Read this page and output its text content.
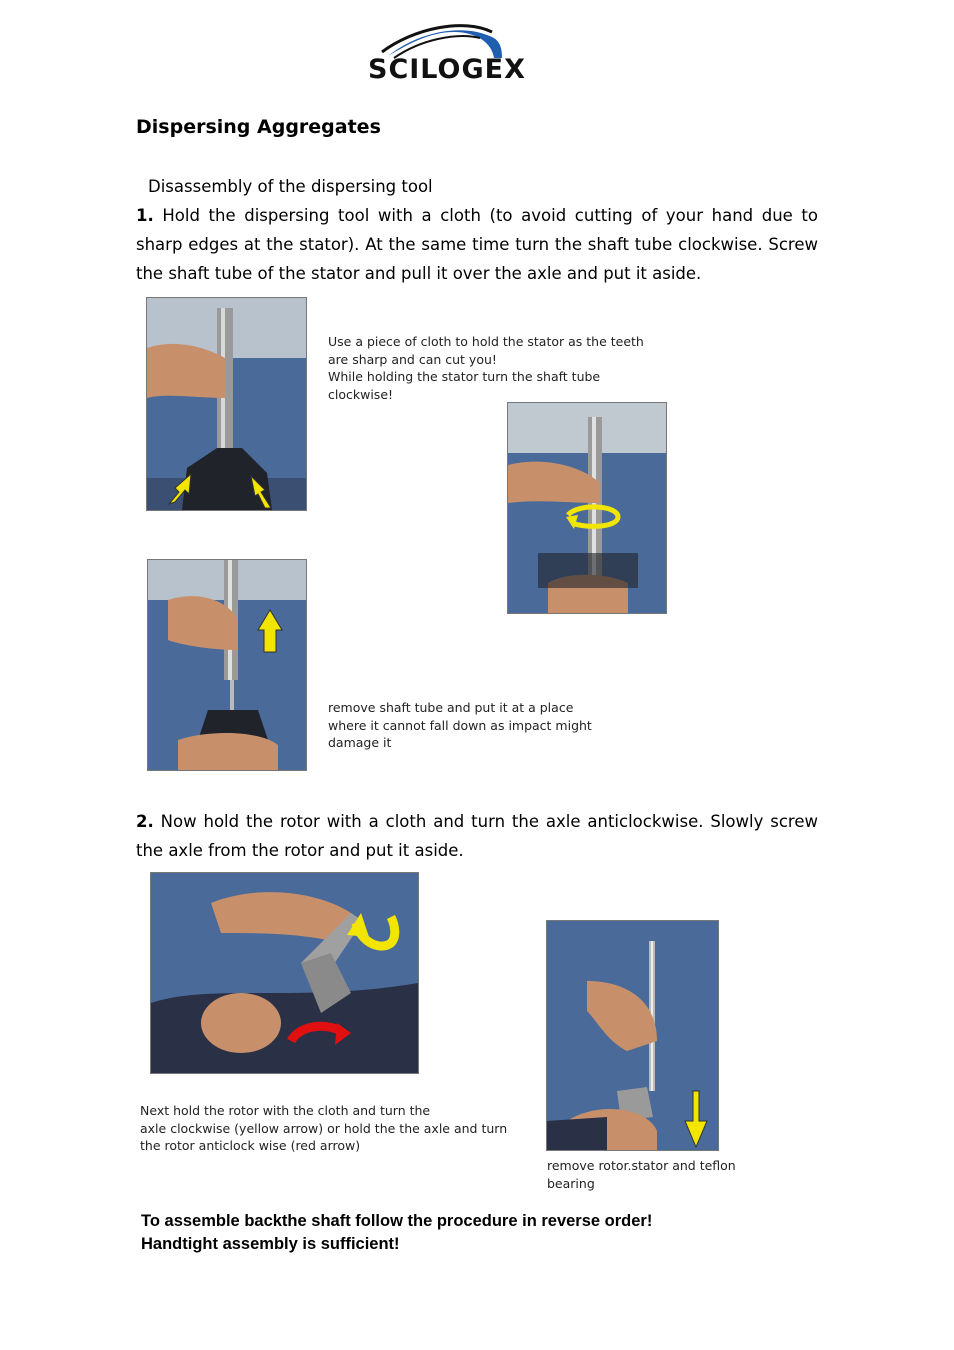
SCILOGEX
Dispersing Aggregates
Disassembly of the dispersing tool
1. Hold the dispersing tool with a cloth (to avoid cutting of your hand due to sharp edges at the stator). At the same time turn the shaft tube clockwise. Screw the shaft tube of the stator and pull it over the axle and put it aside.
Use a piece of cloth to hold the stator as the teeth
are sharp and can cut you!
While holding the stator turn the shaft tube
clockwise!
remove shaft tube and put it at a place
where it cannot fall down as impact might
damage it
2. Now hold the rotor with a cloth and turn the axle anticlockwise. Slowly screw the axle from the rotor and put it aside.
Next hold the rotor with the cloth and turn the
axle clockwise (yellow arrow) or hold the the axle and turn
the rotor anticlock wise (red arrow)
remove rotor.stator and teflon
bearing
To assemble backthe shaft follow the procedure in reverse order!
Handtight assembly is sufficient!
